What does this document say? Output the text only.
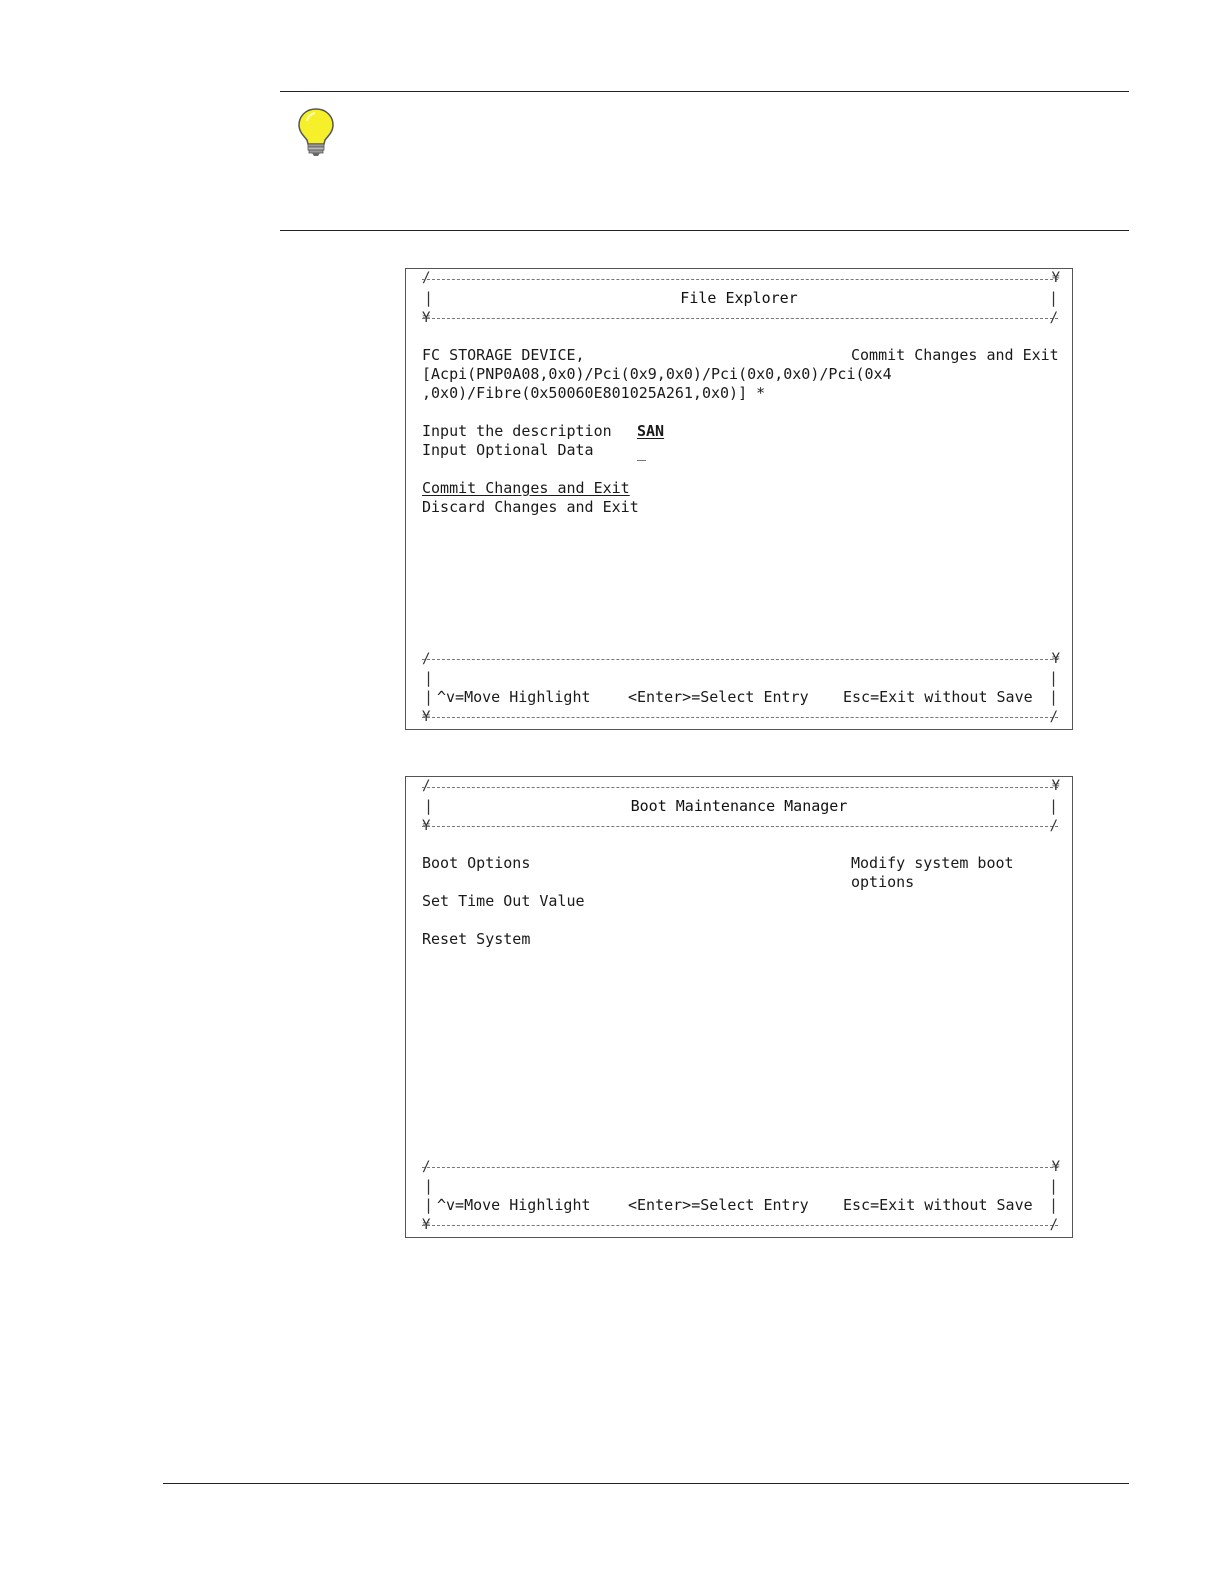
/	¥
|	|
File Explorer
¥	/
FC STORAGE DEVICE,
[Acpi(PNP0A08,0x0)/Pci(0x9,0x0)/Pci(0x0,0x0)/Pci(0x4
,0x0)/Fibre(0x50060E801025A261,0x0)] *
Commit Changes and Exit
Input the description SAN
Input Optional Data	_
Commit Changes and Exit
Discard Changes and Exit
/	¥
|	|
|	|
^v=Move Highlight <Enter>=Select Entry Esc=Exit without Save
¥	/
/	¥
|	|
Boot Maintenance Manager
¥	/
Boot Options	Modify system boot
options
Set Time Out Value
Reset System
/	¥
|	|
|	|
^v=Move Highlight <Enter>=Select Entry Esc=Exit without Save
¥	/
